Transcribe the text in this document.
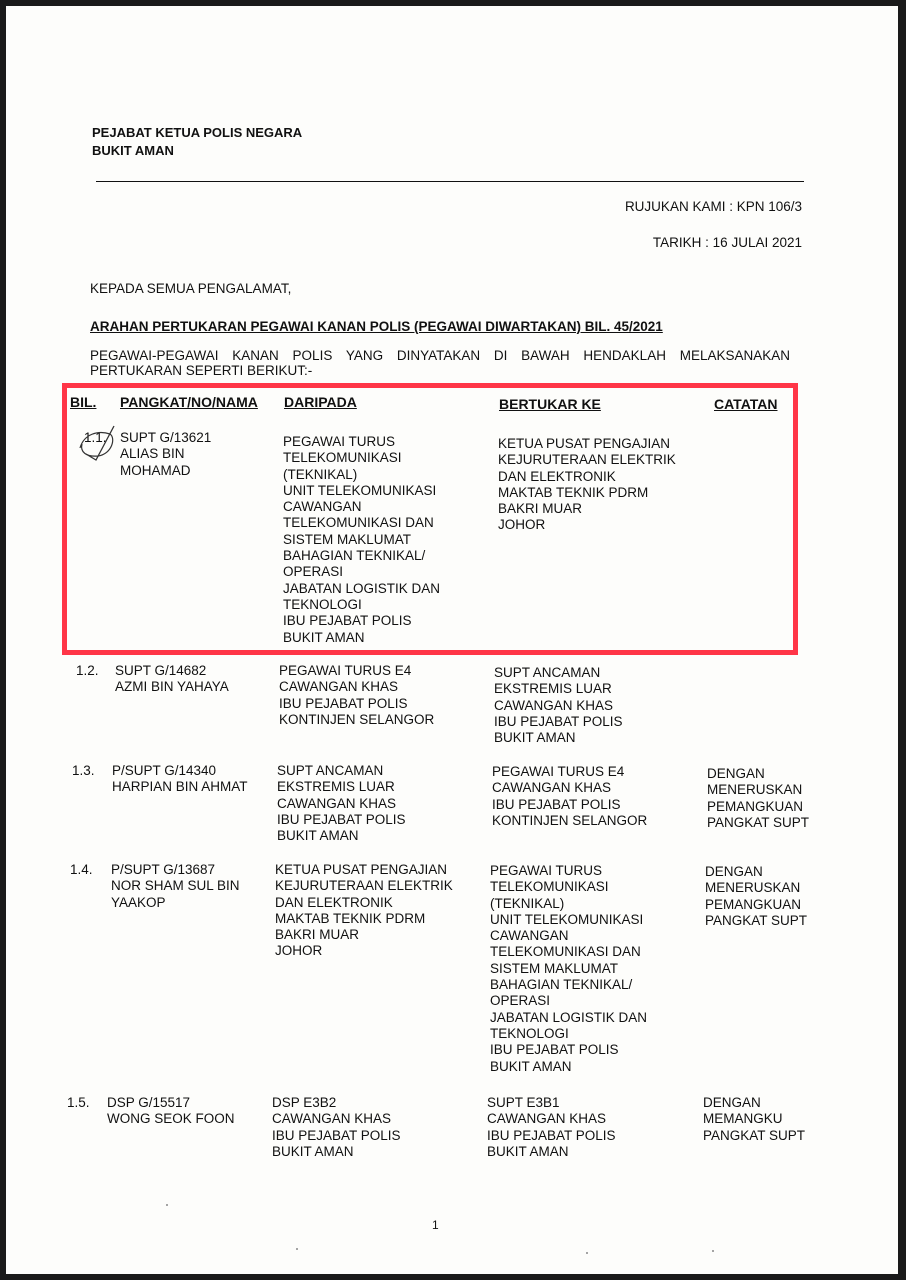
PEJABAT KETUA POLIS NEGARA
BUKIT AMAN
RUJUKAN KAMI : KPN 106/3
TARIKH : 16 JULAI 2021
KEPADA SEMUA PENGALAMAT,
ARAHAN PERTUKARAN PEGAWAI KANAN POLIS (PEGAWAI DIWARTAKAN) BIL. 45/2021
PEGAWAI-PEGAWAI KANAN POLIS YANG DINYATAKAN DI BAWAH HENDAKLAH MELAKSANAKAN PERTUKARAN SEPERTI BERIKUT:-
BIL. PANGKAT/NO/NAMA DARIPADA	BERTUKAR KE	CATATAN
1.1. SUPT G/13621
ALIAS BIN
MOHAMAD
PEGAWAI TURUS
TELEKOMUNIKASI
(TEKNIKAL)
UNIT TELEKOMUNIKASI
CAWANGAN
TELEKOMUNIKASI DAN
SISTEM MAKLUMAT
BAHAGIAN TEKNIKAL/
OPERASI
JABATAN LOGISTIK DAN
TEKNOLOGI
IBU PEJABAT POLIS
BUKIT AMAN
KETUA PUSAT PENGAJIAN
KEJURUTERAAN ELEKTRIK
DAN ELEKTRONIK
MAKTAB TEKNIK PDRM
BAKRI MUAR
JOHOR
1.2. SUPT G/14682
AZMI BIN YAHAYA
PEGAWAI TURUS E4
CAWANGAN KHAS
IBU PEJABAT POLIS
KONTINJEN SELANGOR
SUPT ANCAMAN
EKSTREMIS LUAR
CAWANGAN KHAS
IBU PEJABAT POLIS
BUKIT AMAN
1.3. P/SUPT G/14340
HARPIAN BIN AHMAT
SUPT ANCAMAN
EKSTREMIS LUAR
CAWANGAN KHAS
IBU PEJABAT POLIS
BUKIT AMAN
PEGAWAI TURUS E4
CAWANGAN KHAS
IBU PEJABAT POLIS
KONTINJEN SELANGOR
DENGAN
MENERUSKAN
PEMANGKUAN
PANGKAT SUPT
1.4. P/SUPT G/13687
NOR SHAM SUL BIN
YAAKOP
KETUA PUSAT PENGAJIAN
KEJURUTERAAN ELEKTRIK
DAN ELEKTRONIK
MAKTAB TEKNIK PDRM
BAKRI MUAR
JOHOR
PEGAWAI TURUS
TELEKOMUNIKASI
(TEKNIKAL)
UNIT TELEKOMUNIKASI
CAWANGAN
TELEKOMUNIKASI DAN
SISTEM MAKLUMAT
BAHAGIAN TEKNIKAL/
OPERASI
JABATAN LOGISTIK DAN
TEKNOLOGI
IBU PEJABAT POLIS
BUKIT AMAN
DENGAN
MENERUSKAN
PEMANGKUAN
PANGKAT SUPT
1.5. DSP G/15517
WONG SEOK FOON
DSP E3B2
CAWANGAN KHAS
IBU PEJABAT POLIS
BUKIT AMAN
SUPT E3B1
CAWANGAN KHAS
IBU PEJABAT POLIS
BUKIT AMAN
DENGAN
MEMANGKU
PANGKAT SUPT
1
